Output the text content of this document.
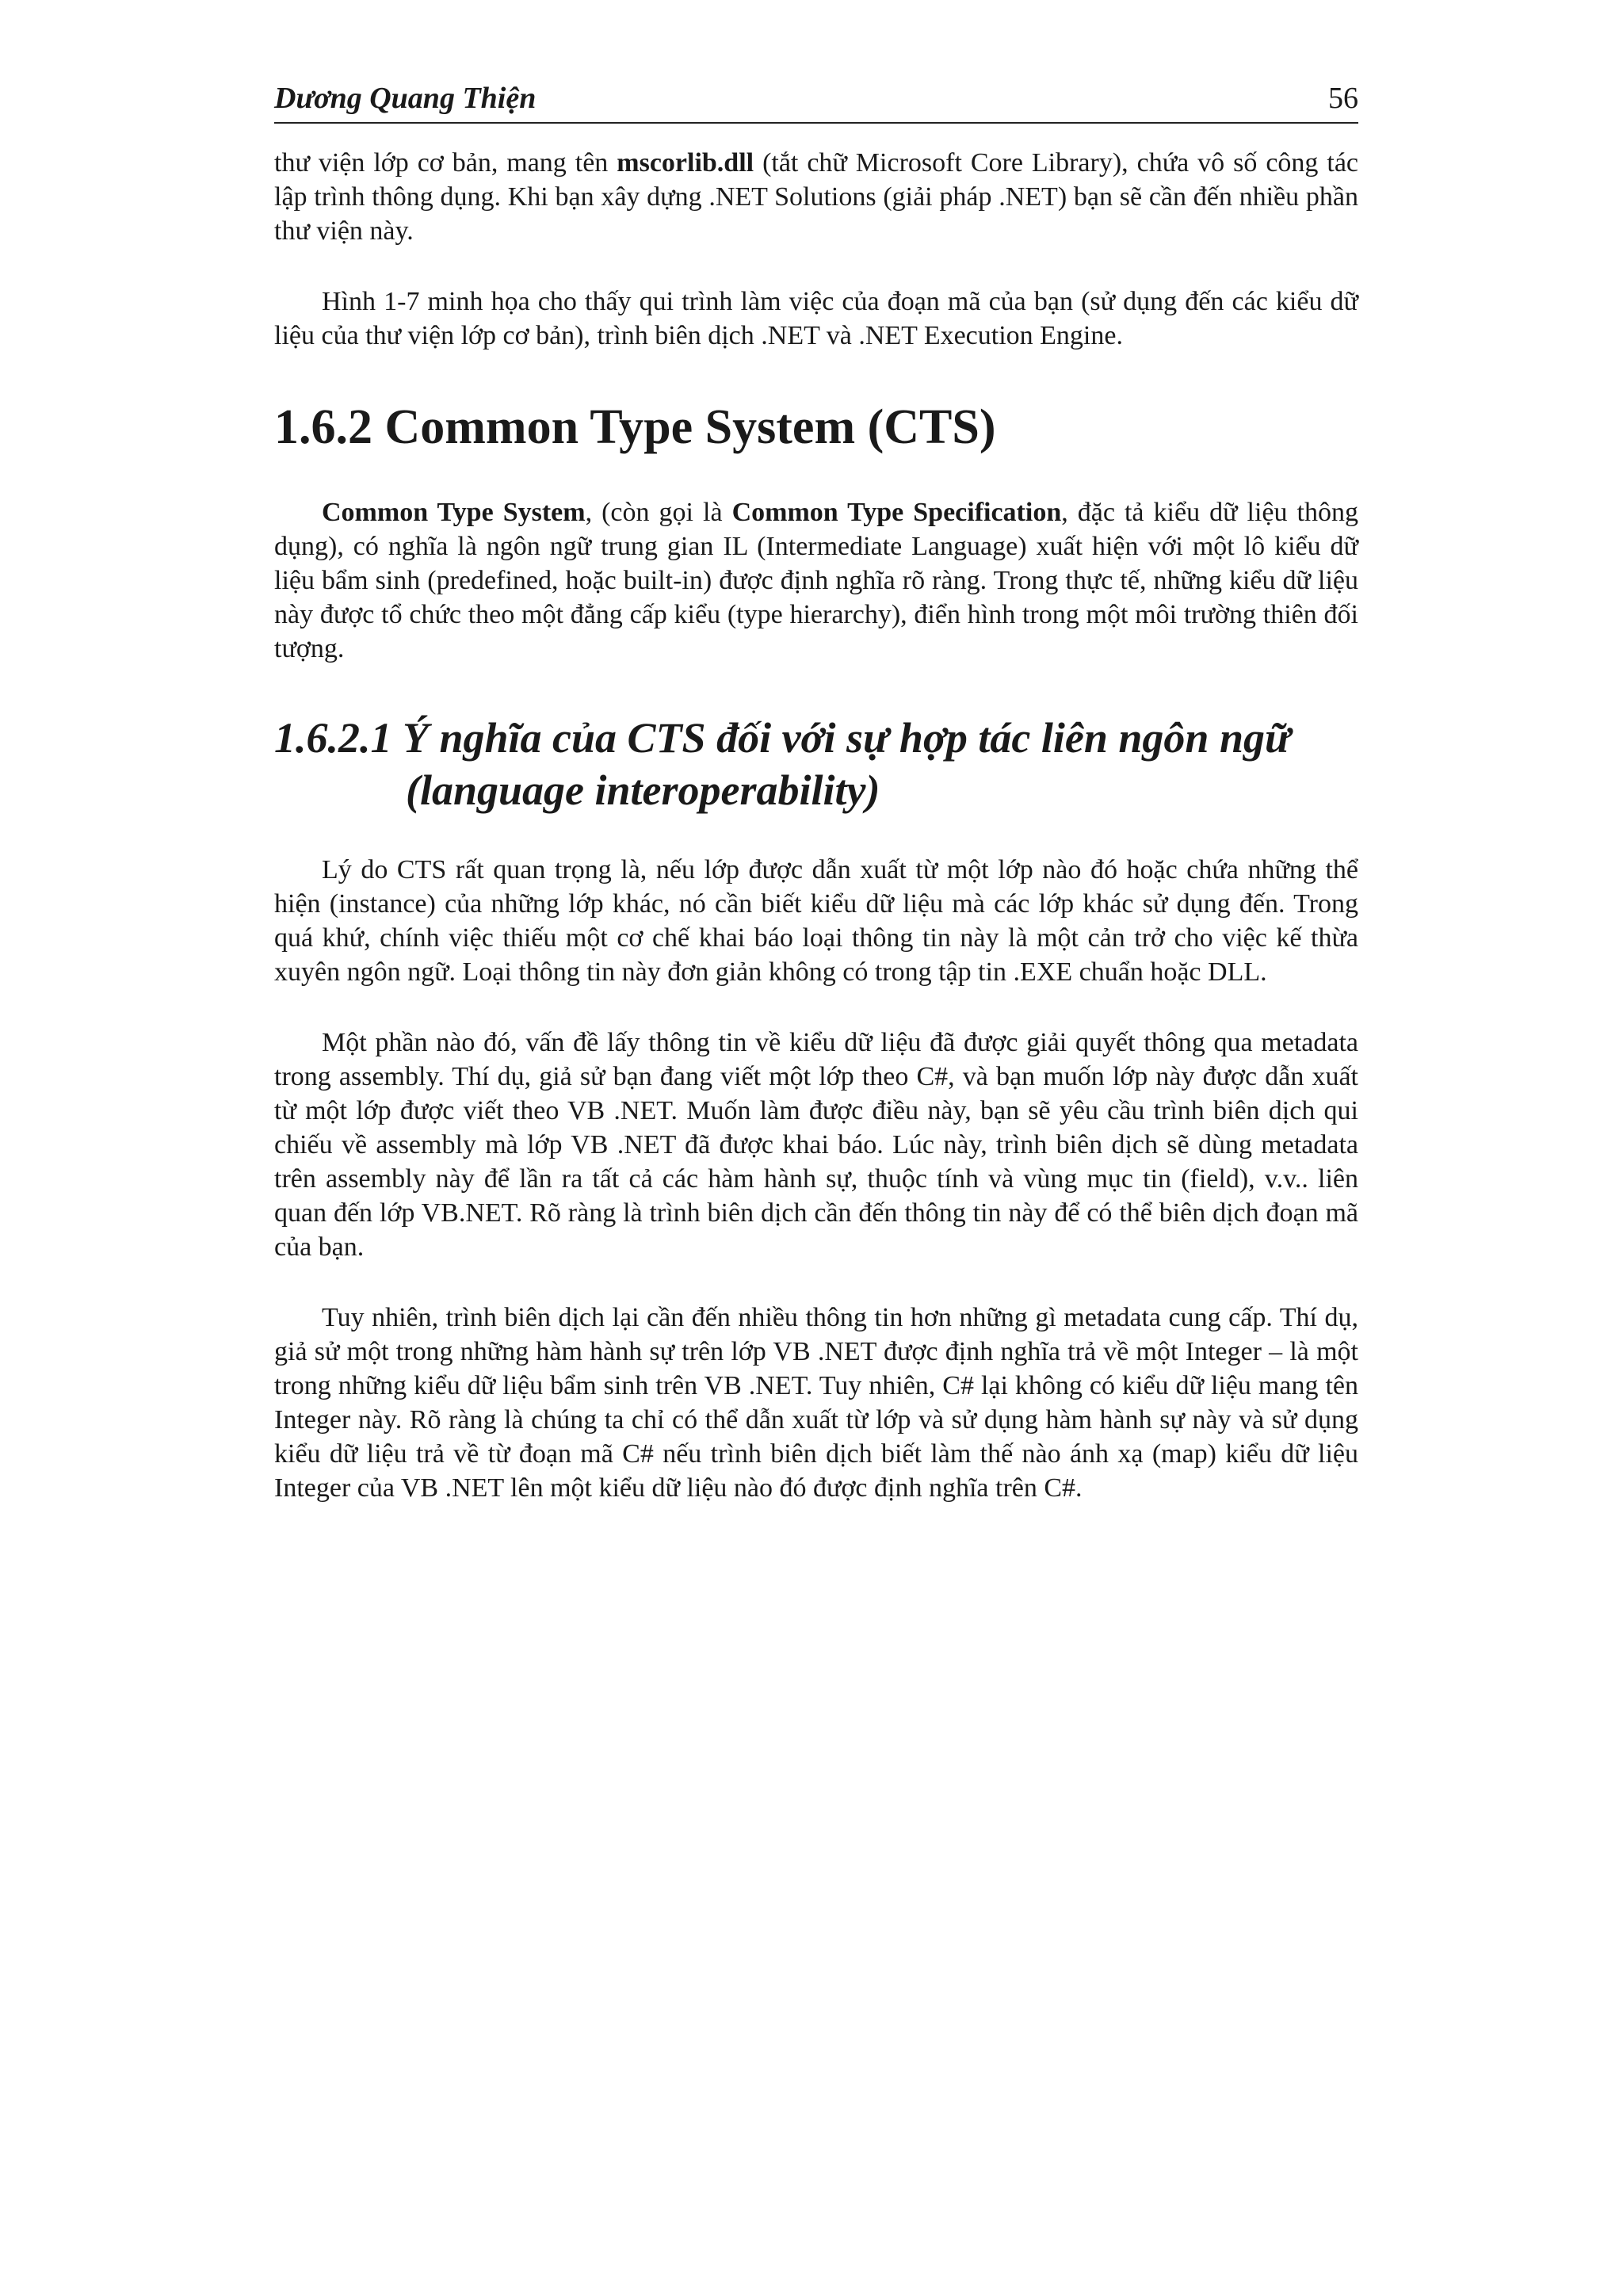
Dương Quang Thiện	56

thư viện lớp cơ bản, mang tên mscorlib.dll (tắt chữ Microsoft Core Library), chứa vô số công tác lập trình thông dụng. Khi bạn xây dựng .NET Solutions (giải pháp .NET) bạn sẽ cần đến nhiều phần thư viện này.

Hình 1-7 minh họa cho thấy qui trình làm việc của đoạn mã của bạn (sử dụng đến các kiểu dữ liệu của thư viện lớp cơ bản), trình biên dịch .NET và .NET Execution Engine.

1.6.2 Common Type System (CTS)

Common Type System, (còn gọi là Common Type Specification, đặc tả kiểu dữ liệu thông dụng), có nghĩa là ngôn ngữ trung gian IL (Intermediate Language) xuất hiện với một lô kiểu dữ liệu bẩm sinh (predefined, hoặc built-in) được định nghĩa rõ ràng. Trong thực tế, những kiểu dữ liệu này được tổ chức theo một đẳng cấp kiểu (type hierarchy), điển hình trong một môi trường thiên đối tượng.

1.6.2.1 Ý nghĩa của CTS đối với sự hợp tác liên ngôn ngữ
(language interoperability)

Lý do CTS rất quan trọng là, nếu lớp được dẫn xuất từ một lớp nào đó hoặc chứa những thể hiện (instance) của những lớp khác, nó cần biết kiểu dữ liệu mà các lớp khác sử dụng đến. Trong quá khứ, chính việc thiếu một cơ chế khai báo loại thông tin này là một cản trở cho việc kế thừa xuyên ngôn ngữ. Loại thông tin này đơn giản không có trong tập tin .EXE chuẩn hoặc DLL.

Một phần nào đó, vấn đề lấy thông tin về kiểu dữ liệu đã được giải quyết thông qua metadata trong assembly. Thí dụ, giả sử bạn đang viết một lớp theo C#, và bạn muốn lớp này được dẫn xuất từ một lớp được viết theo VB .NET. Muốn làm được điều này, bạn sẽ yêu cầu trình biên dịch qui chiếu về assembly mà lớp VB .NET đã được khai báo. Lúc này, trình biên dịch sẽ dùng metadata trên assembly này để lần ra tất cả các hàm hành sự, thuộc tính và vùng mục tin (field), v.v.. liên quan đến lớp VB.NET. Rõ ràng là trình biên dịch cần đến thông tin này để có thể biên dịch đoạn mã của bạn.

Tuy nhiên, trình biên dịch lại cần đến nhiều thông tin hơn những gì metadata cung cấp. Thí dụ, giả sử một trong những hàm hành sự trên lớp VB .NET được định nghĩa trả về một Integer – là một trong những kiểu dữ liệu bẩm sinh trên VB .NET. Tuy nhiên, C# lại không có kiểu dữ liệu mang tên Integer này. Rõ ràng là chúng ta chỉ có thể dẫn xuất từ lớp và sử dụng hàm hành sự này và sử dụng kiểu dữ liệu trả về từ đoạn mã C# nếu trình biên dịch biết làm thế nào ánh xạ (map) kiểu dữ liệu Integer của VB .NET lên một kiểu dữ liệu nào đó được định nghĩa trên C#.
